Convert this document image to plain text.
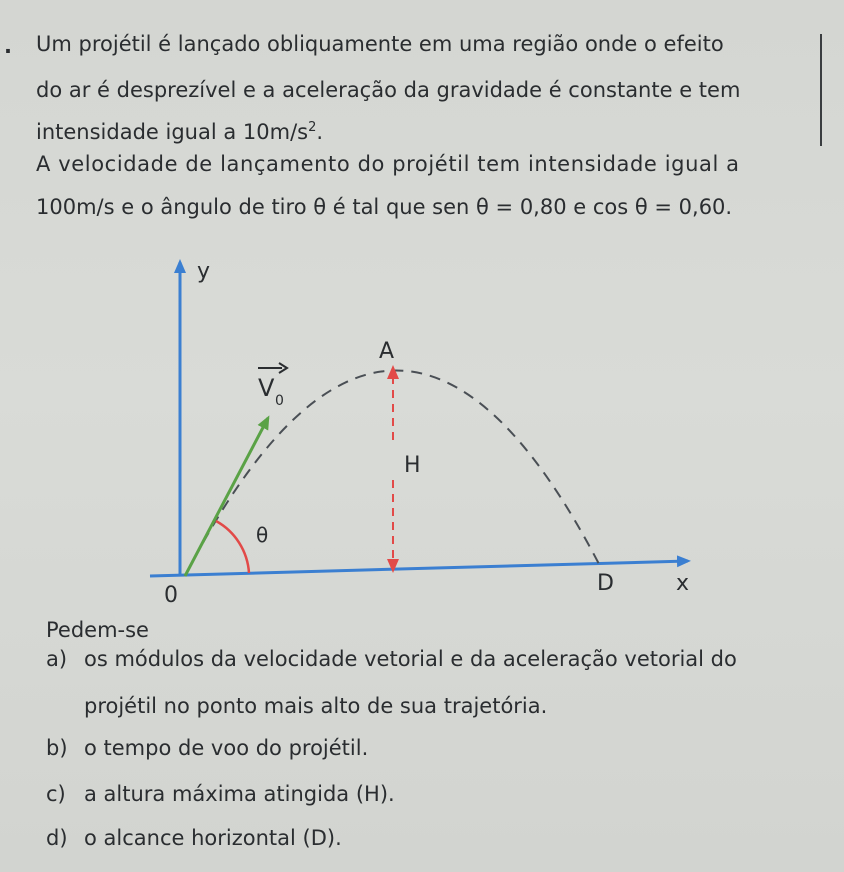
. Um projétil é lançado obliquamente em uma região onde o efeito
do ar é desprezível e a aceleração da gravidade é constante e tem
intensidade igual a $10m/s^2$.
A velocidade de lançamento do projétil tem intensidade igual a
100m/s e o ângulo de tiro θ é tal que sen θ = 0,80 e cos θ = 0,60.
y
x
0
A
H
D
θ
V 0
Pedem-se
a) os módulos da velocidade vetorial e da aceleração vetorial do
projétil no ponto mais alto de sua trajetória.
b) o tempo de voo do projétil.
c) a altura máxima atingida (H).
d) o alcance horizontal (D).
